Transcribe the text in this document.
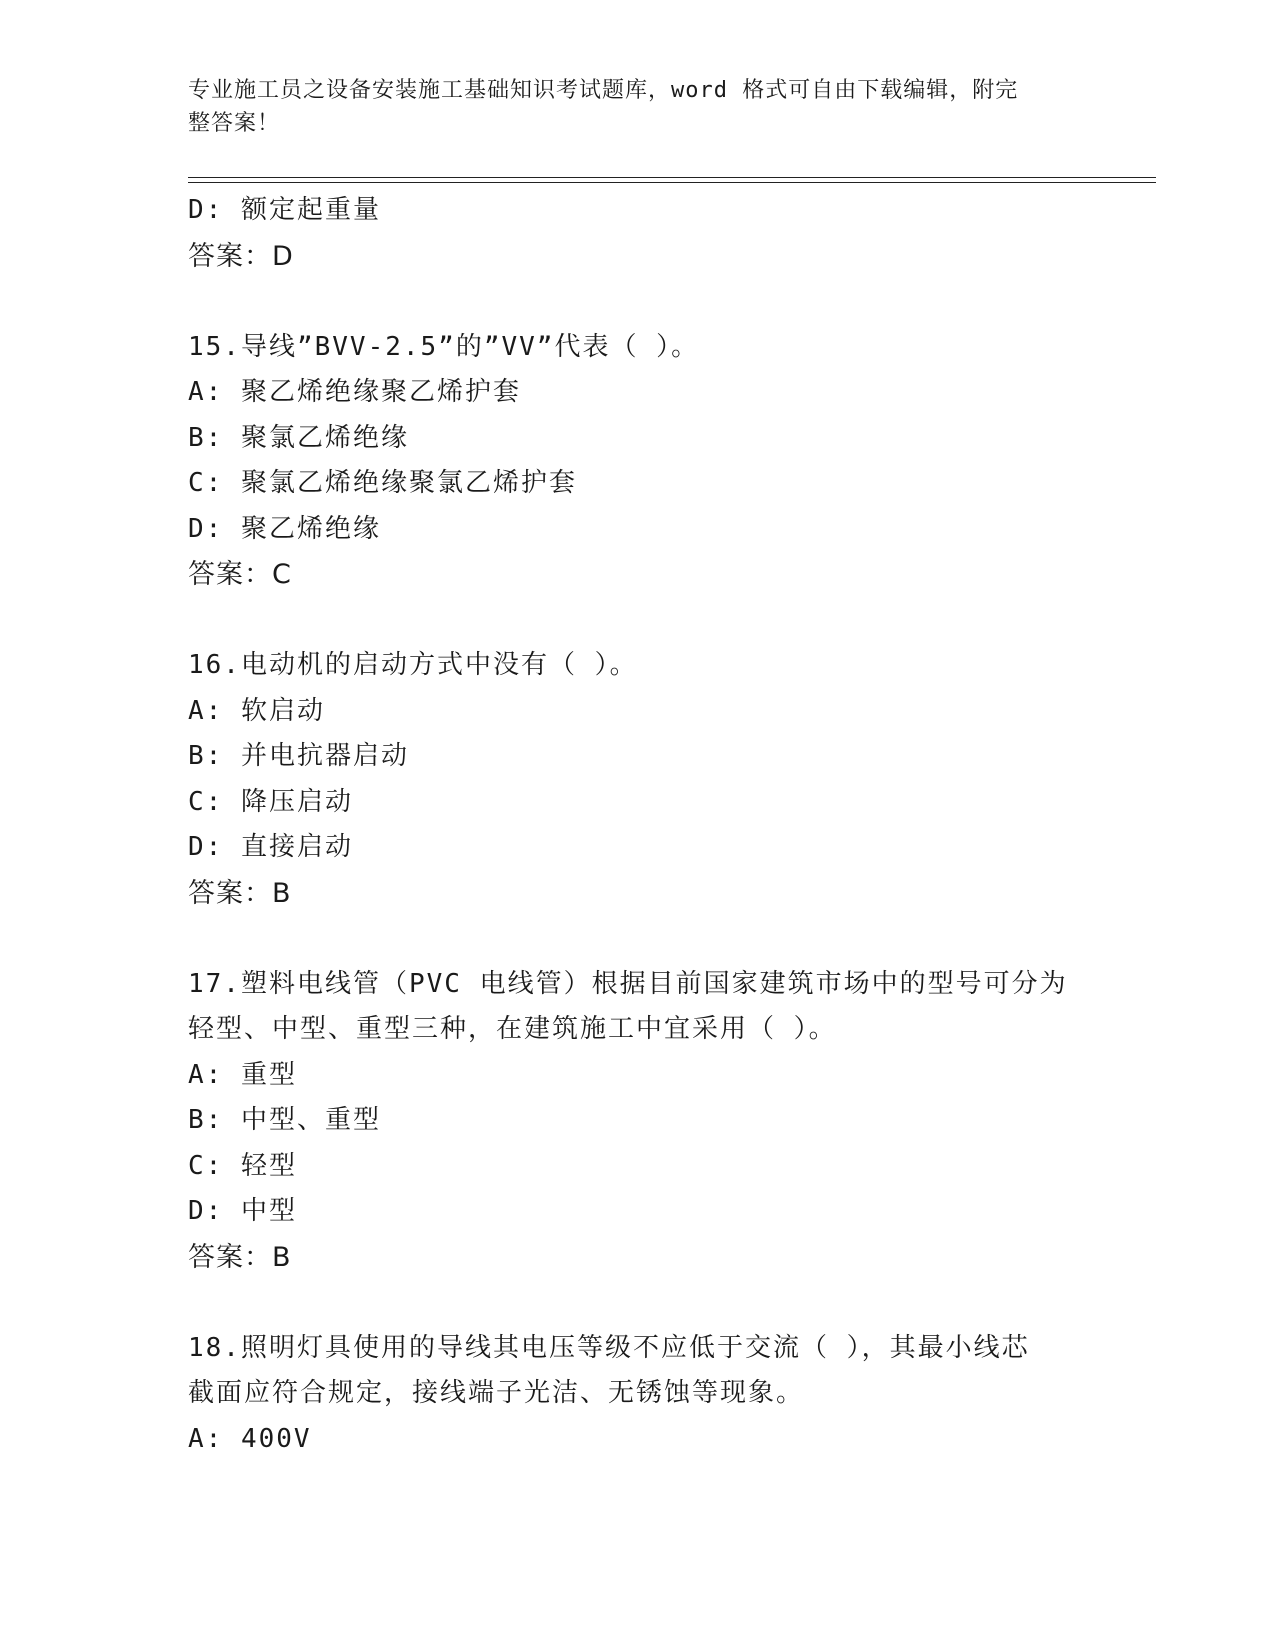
专业施工员之设备安装施工基础知识考试题库，word 格式可自由下载编辑，附完
整答案！
D: 额定起重量
答案：D
15.导线”BVV-2.5”的”VV”代表（ ）。
A: 聚乙烯绝缘聚乙烯护套
B: 聚氯乙烯绝缘
C: 聚氯乙烯绝缘聚氯乙烯护套
D: 聚乙烯绝缘
答案：C
16.电动机的启动方式中没有（ ）。
A: 软启动
B: 并电抗器启动
C: 降压启动
D: 直接启动
答案：B
17.塑料电线管（PVC 电线管）根据目前国家建筑市场中的型号可分为
轻型、中型、重型三种，在建筑施工中宜采用（ ）。
A: 重型
B: 中型、重型
C: 轻型
D: 中型
答案：B
18.照明灯具使用的导线其电压等级不应低于交流（ ），其最小线芯
截面应符合规定，接线端子光洁、无锈蚀等现象。
A: 400V
